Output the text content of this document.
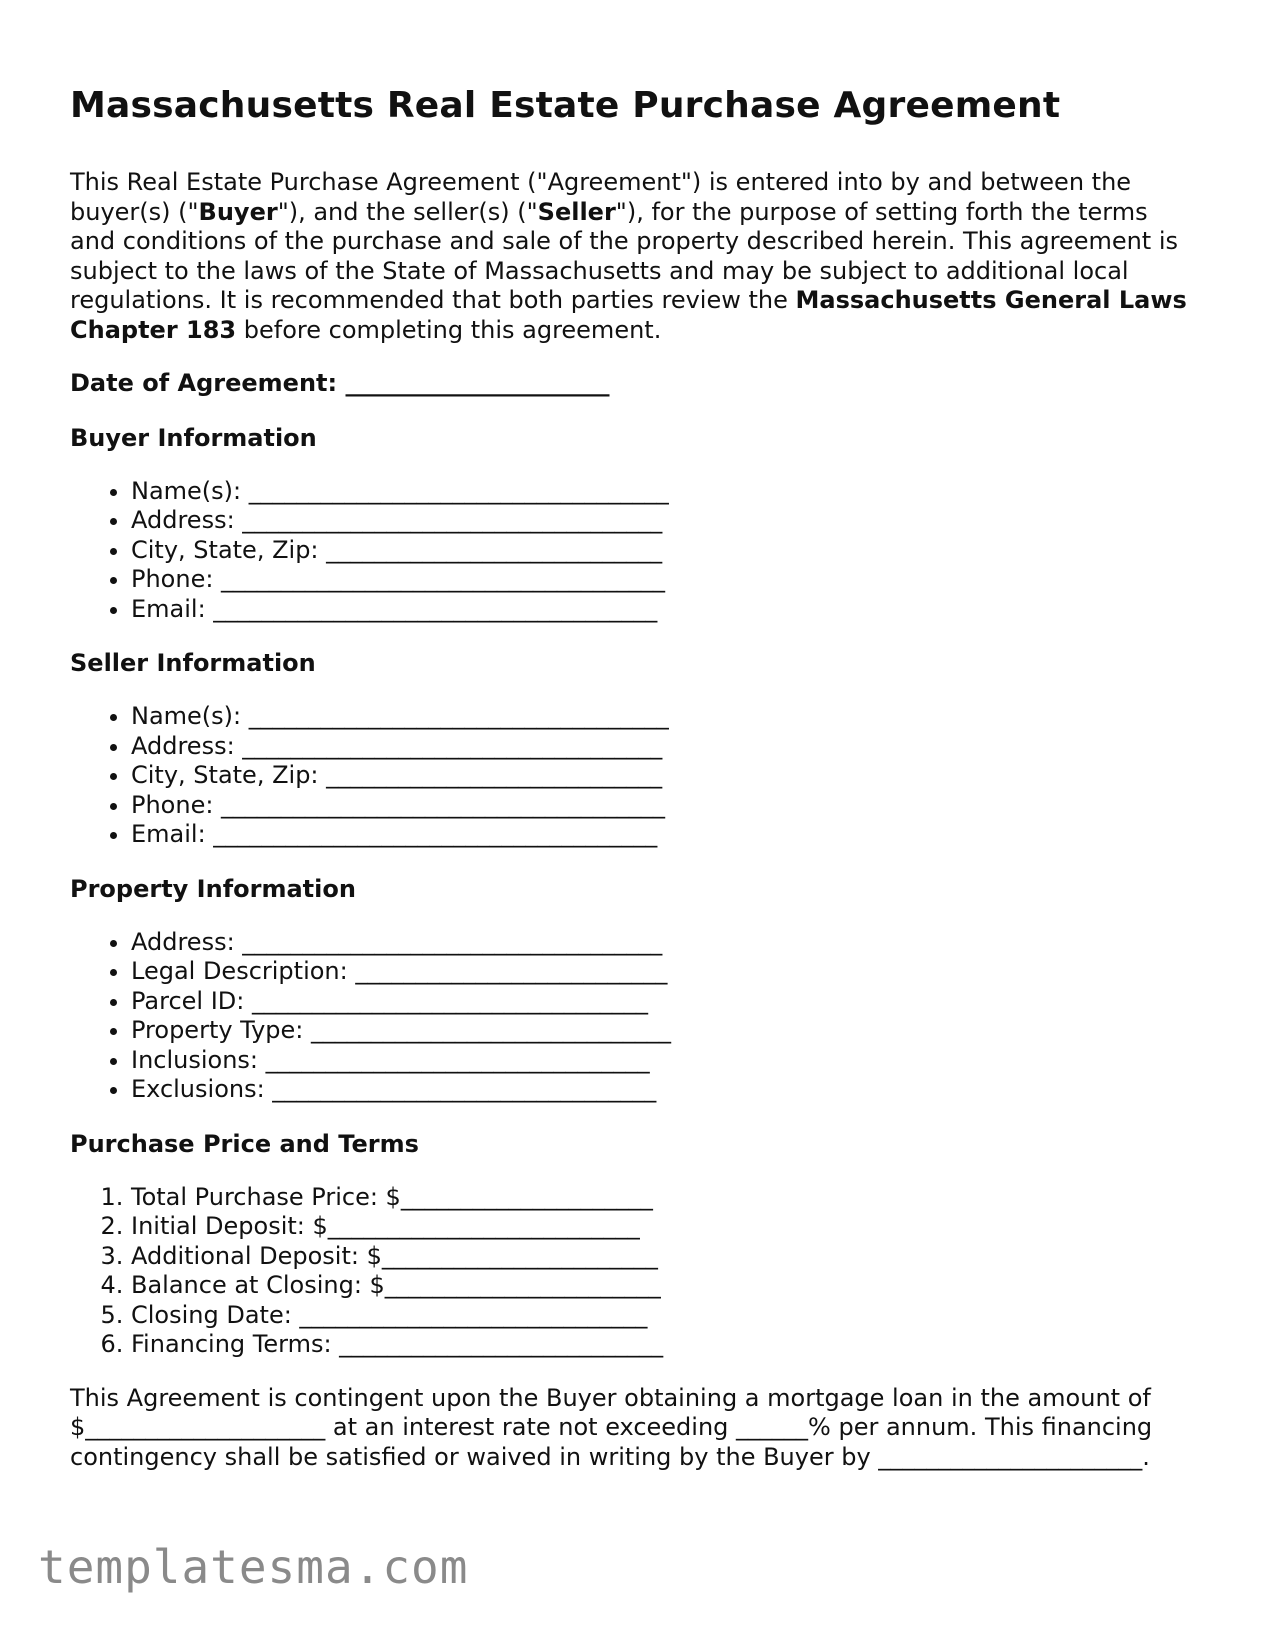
Massachusetts Real Estate Purchase Agreement

This Real Estate Purchase Agreement ("Agreement") is entered into by and between the buyer(s) ("Buyer"), and the seller(s) ("Seller"), for the purpose of setting forth the terms and conditions of the purchase and sale of the property described herein. This agreement is subject to the laws of the State of Massachusetts and may be subject to additional local regulations. It is recommended that both parties review the Massachusetts General Laws Chapter 183 before completing this agreement.

Date of Agreement: ______________________

Buyer Information
• Name(s): ___________________________________
• Address: ___________________________________
• City, State, Zip: ____________________________
• Phone: _____________________________________
• Email: _____________________________________
Seller Information
• Name(s): ___________________________________
• Address: ___________________________________
• City, State, Zip: ____________________________
• Phone: _____________________________________
• Email: _____________________________________
Property Information
• Address: ___________________________________
• Legal Description: __________________________
• Parcel ID: _________________________________
• Property Type: ______________________________
• Inclusions: ________________________________
• Exclusions: ________________________________
Purchase Price and Terms
1. Total Purchase Price: $_____________________
2. Initial Deposit: $__________________________
3. Additional Deposit: $_______________________
4. Balance at Closing: $_______________________
5. Closing Date: _____________________________
6. Financing Terms: ___________________________

This Agreement is contingent upon the Buyer obtaining a mortgage loan in the amount of $____________________ at an interest rate not exceeding ______% per annum. This financing contingency shall be satisfied or waived in writing by the Buyer by ______________________.

templatesma.com
